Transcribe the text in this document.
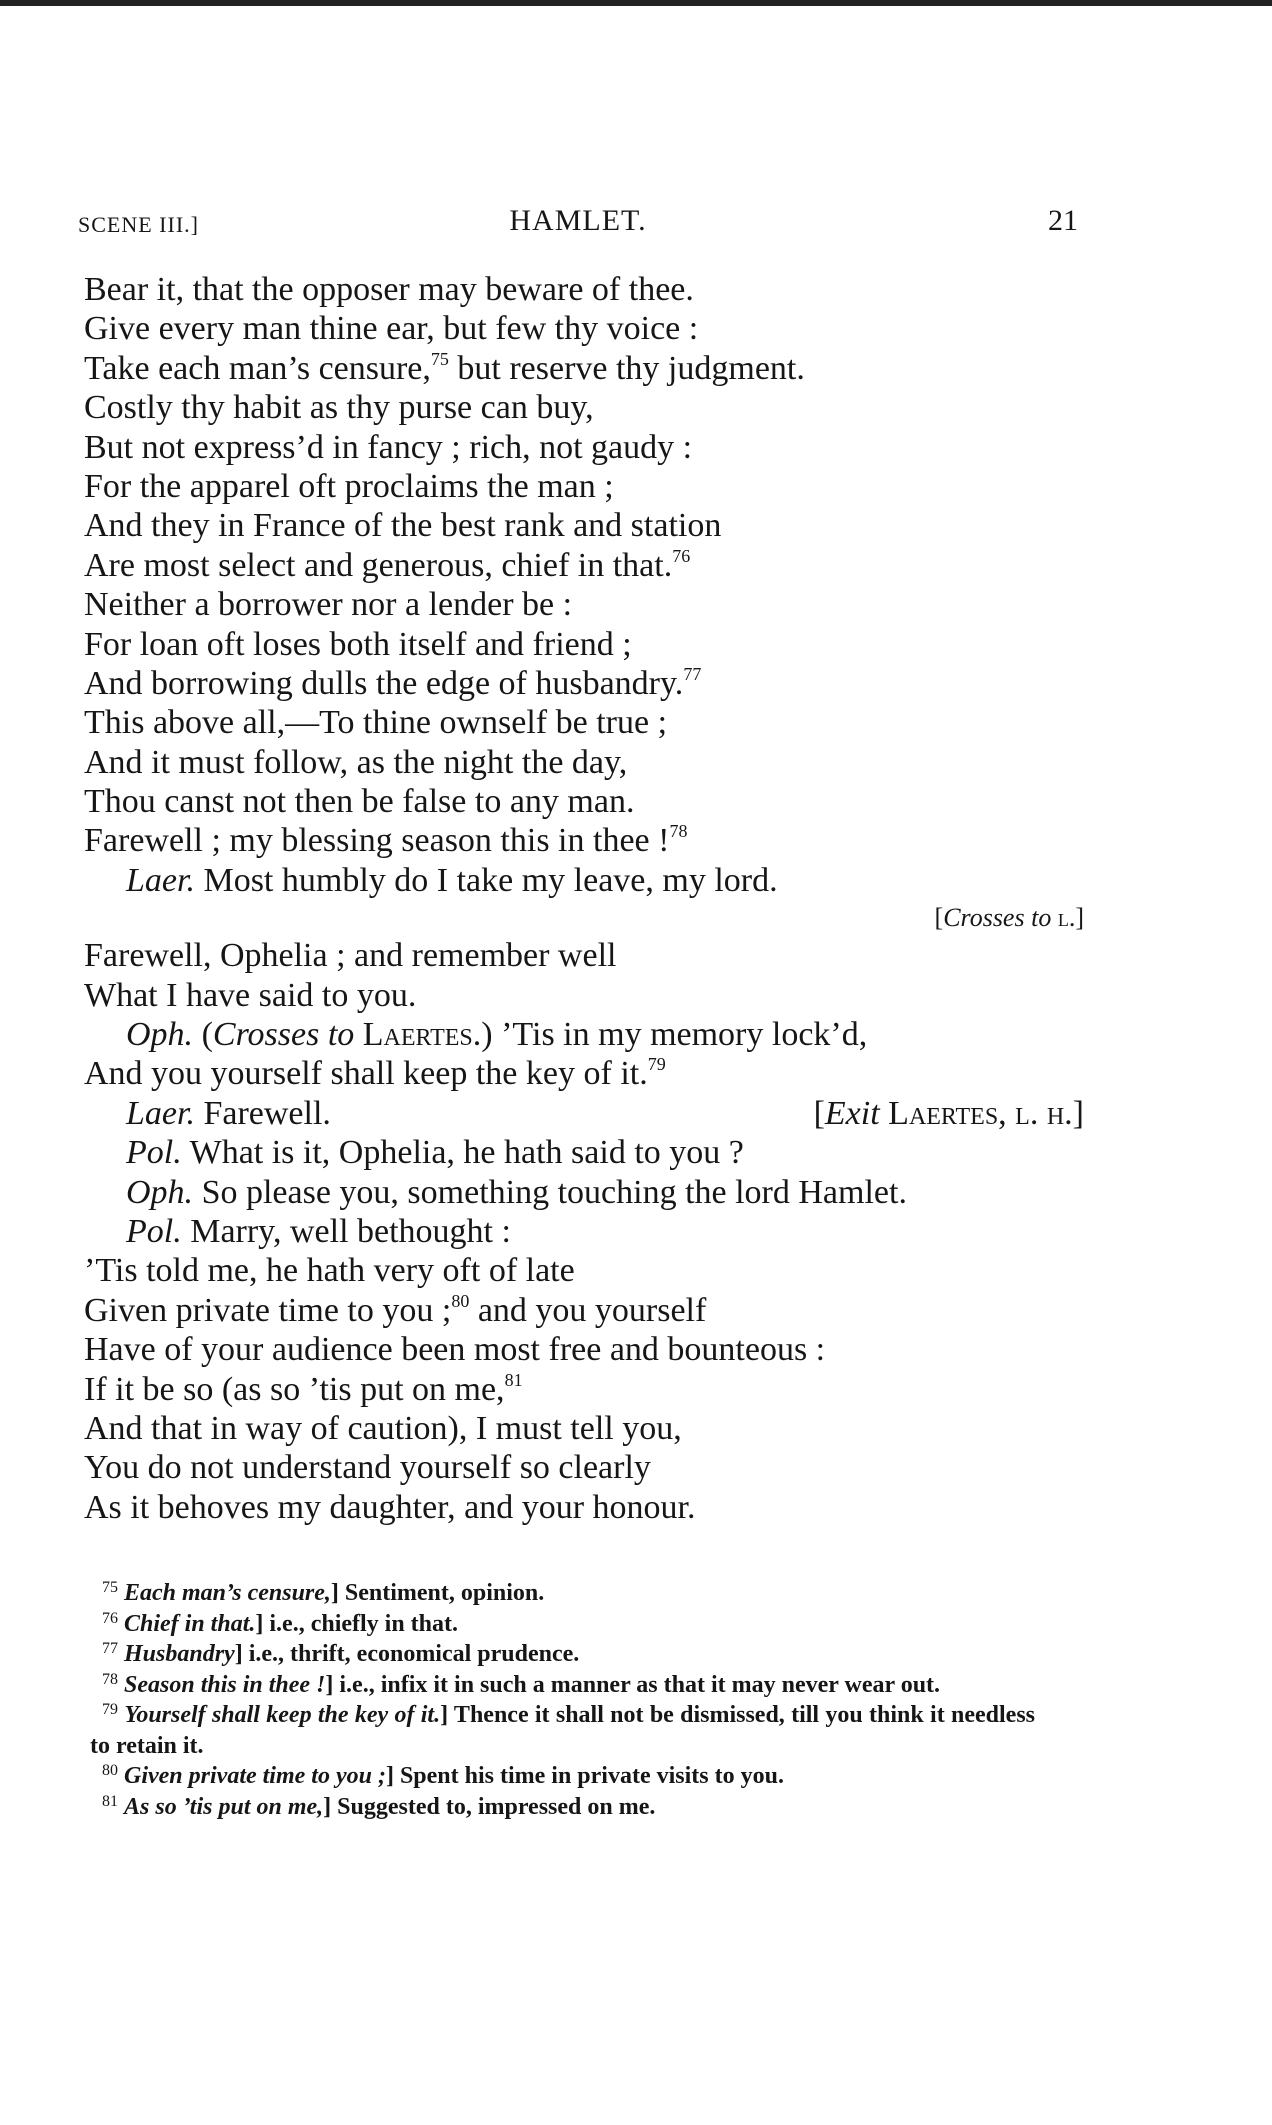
SCENE III.]	HAMLET.	21
Bear it, that the opposer may beware of thee.
Give every man thine ear, but few thy voice :
Take each man’s censure,$^{75}$ but reserve thy judgment.
Costly thy habit as thy purse can buy,
But not express’d in fancy ; rich, not gaudy :
For the apparel oft proclaims the man ;
And they in France of the best rank and station
Are most select and generous, chief in that.$^{76}$
Neither a borrower nor a lender be :
For loan oft loses both itself and friend ;
And borrowing dulls the edge of husbandry.$^{77}$
This above all,—To thine ownself be true ;
And it must follow, as the night the day,
Thou canst not then be false to any man.
Farewell ; my blessing season this in thee !$^{78}$
Laer. Most humbly do I take my leave, my lord.
[Crosses to l.]
Farewell, Ophelia ; and remember well
What I have said to you.
Oph. (Crosses to Laertes.) ’Tis in my memory lock’d,
And you yourself shall keep the key of it.$^{79}$
Laer. Farewell.	[Exit Laertes, l. h.]
Pol. What is it, Ophelia, he hath said to you ?
Oph. So please you, something touching the lord Hamlet.
Pol. Marry, well bethought :
’Tis told me, he hath very oft of late
Given private time to you ;$^{80}$ and you yourself
Have of your audience been most free and bounteous :
If it be so (as so ’tis put on me,$^{81}$
And that in way of caution), I must tell you,
You do not understand yourself so clearly
As it behoves my daughter, and your honour.
$^{75}$ Each man’s censure,] Sentiment, opinion.
$^{76}$ Chief in that.] i.e., chiefly in that.
$^{77}$ Husbandry] i.e., thrift, economical prudence.
$^{78}$ Season this in thee !] i.e., infix it in such a manner as that it may never wear out.
$^{79}$ Yourself shall keep the key of it.] Thence it shall not be dismissed, till you think it needless to retain it.
$^{80}$ Given private time to you ;] Spent his time in private visits to you.
$^{81}$ As so ’tis put on me,] Suggested to, impressed on me.
